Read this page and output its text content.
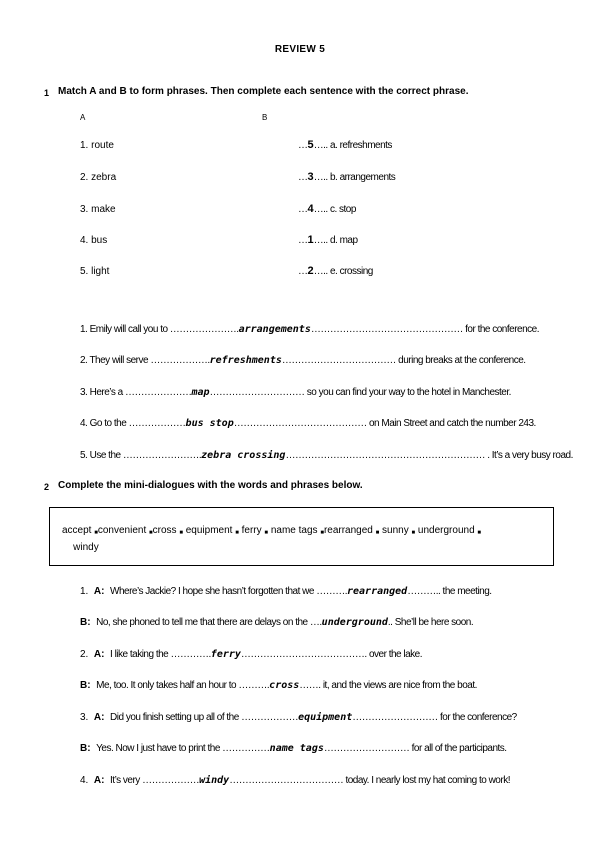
REVIEW 5
1 Match A and B to form phrases. Then complete each sentence with the correct phrase.
A	B
1. route	…5….. a. refreshments
2. zebra	…3….. b. arrangements
3. make	…4….. c. stop
4. bus	…1….. d. map
5. light	…2….. e. crossing
1. Emily will call you to ………………….arrangements………………………………………… for the conference.
2. They will serve ……………….refreshments……………………………… during breaks at the conference.
3. Here’s a …………………map………………………… so you can find your way to the hotel in Manchester.
4. Go to the ………………bus stop…………………………………… on Main Street and catch the number 243.
5. Use the …………………….zebra crossing……………………………………………………… . It’s a very busy road.
2 Complete the mini-dialogues with the words and phrases below.
accept ■convenient ■cross ■ equipment ■ ferry ■ name tags ■rearranged ■ sunny ■ underground ■
windy
1. A: Where’s Jackie? I hope she hasn’t forgotten that we ……….rearranged……….. the meeting.
B: No, she phoned to tell me that there are delays on the ….underground.. She’ll be here soon.
2. A: I like taking the ………….ferry…………………………………. over the lake.
B: Me, too. It only takes half an hour to ……….cross……. it, and the views are nice from the boat.
3. A: Did you finish setting up all of the ………………equipment……………………… for the conference?
B: Yes. Now I just have to print the ……………name tags……………………… for all of the participants.
4. A: It’s very ………………windy……………………………… today. I nearly lost my hat coming to work!
